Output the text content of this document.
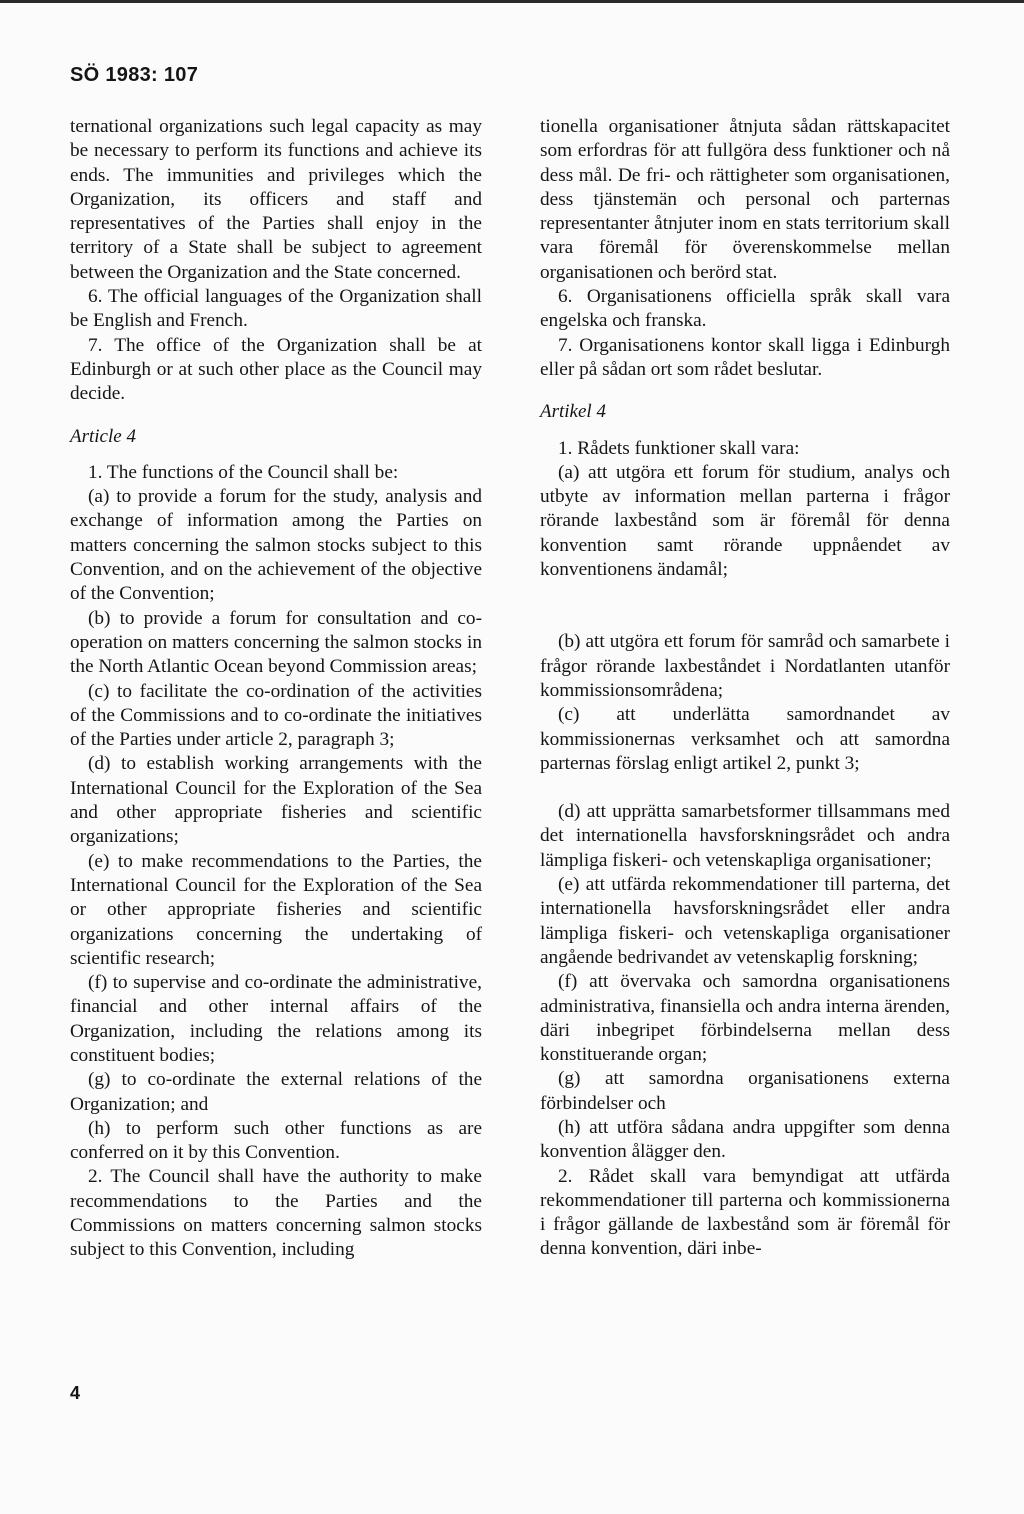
SÖ 1983: 107

ternational organizations such legal capacity as may be necessary to perform its functions and achieve its ends. The immunities and privileges which the Organization, its officers and staff and representatives of the Parties shall enjoy in the territory of a State shall be subject to agreement between the Organization and the State concerned.

6. The official languages of the Organization shall be English and French.

7. The office of the Organization shall be at Edinburgh or at such other place as the Council may decide.

Article 4

1. The functions of the Council shall be:

(a) to provide a forum for the study, analysis and exchange of information among the Parties on matters concerning the salmon stocks subject to this Convention, and on the achievement of the objective of the Convention;

(b) to provide a forum for consultation and co-operation on matters concerning the salmon stocks in the North Atlantic Ocean beyond Commission areas;

(c) to facilitate the co-ordination of the activities of the Commissions and to co-ordinate the initiatives of the Parties under article 2, paragraph 3;

(d) to establish working arrangements with the International Council for the Exploration of the Sea and other appropriate fisheries and scientific organizations;

(e) to make recommendations to the Parties, the International Council for the Exploration of the Sea or other appropriate fisheries and scientific organizations concerning the undertaking of scientific research;

(f) to supervise and co-ordinate the administrative, financial and other internal affairs of the Organization, including the relations among its constituent bodies;

(g) to co-ordinate the external relations of the Organization; and

(h) to perform such other functions as are conferred on it by this Convention.

2. The Council shall have the authority to make recommendations to the Parties and the Commissions on matters concerning salmon stocks subject to this Convention, including

tionella organisationer åtnjuta sådan rättskapacitet som erfordras för att fullgöra dess funktioner och nå dess mål. De fri- och rättigheter som organisationen, dess tjänstemän och personal och parternas representanter åtnjuter inom en stats territorium skall vara föremål för överenskommelse mellan organisationen och berörd stat.

6. Organisationens officiella språk skall vara engelska och franska.

7. Organisationens kontor skall ligga i Edinburgh eller på sådan ort som rådet beslutar.

Artikel 4

1. Rådets funktioner skall vara:

(a) att utgöra ett forum för studium, analys och utbyte av information mellan parterna i frågor rörande laxbestånd som är föremål för denna konvention samt rörande uppnåendet av konventionens ändamål;

(b) att utgöra ett forum för samråd och samarbete i frågor rörande laxbeståndet i Nordatlanten utanför kommissionsområdena;

(c) att underlätta samordnandet av kommissionernas verksamhet och att samordna parternas förslag enligt artikel 2, punkt 3;

(d) att upprätta samarbetsformer tillsammans med det internationella havsforskningsrådet och andra lämpliga fiskeri- och vetenskapliga organisationer;

(e) att utfärda rekommendationer till parterna, det internationella havsforskningsrådet eller andra lämpliga fiskeri- och vetenskapliga organisationer angående bedrivandet av vetenskaplig forskning;

(f) att övervaka och samordna organisationens administrativa, finansiella och andra interna ärenden, däri inbegripet förbindelserna mellan dess konstituerande organ;

(g) att samordna organisationens externa förbindelser och

(h) att utföra sådana andra uppgifter som denna konvention ålägger den.

2. Rådet skall vara bemyndigat att utfärda rekommendationer till parterna och kommissionerna i frågor gällande de laxbestånd som är föremål för denna konvention, däri inbe-

4
